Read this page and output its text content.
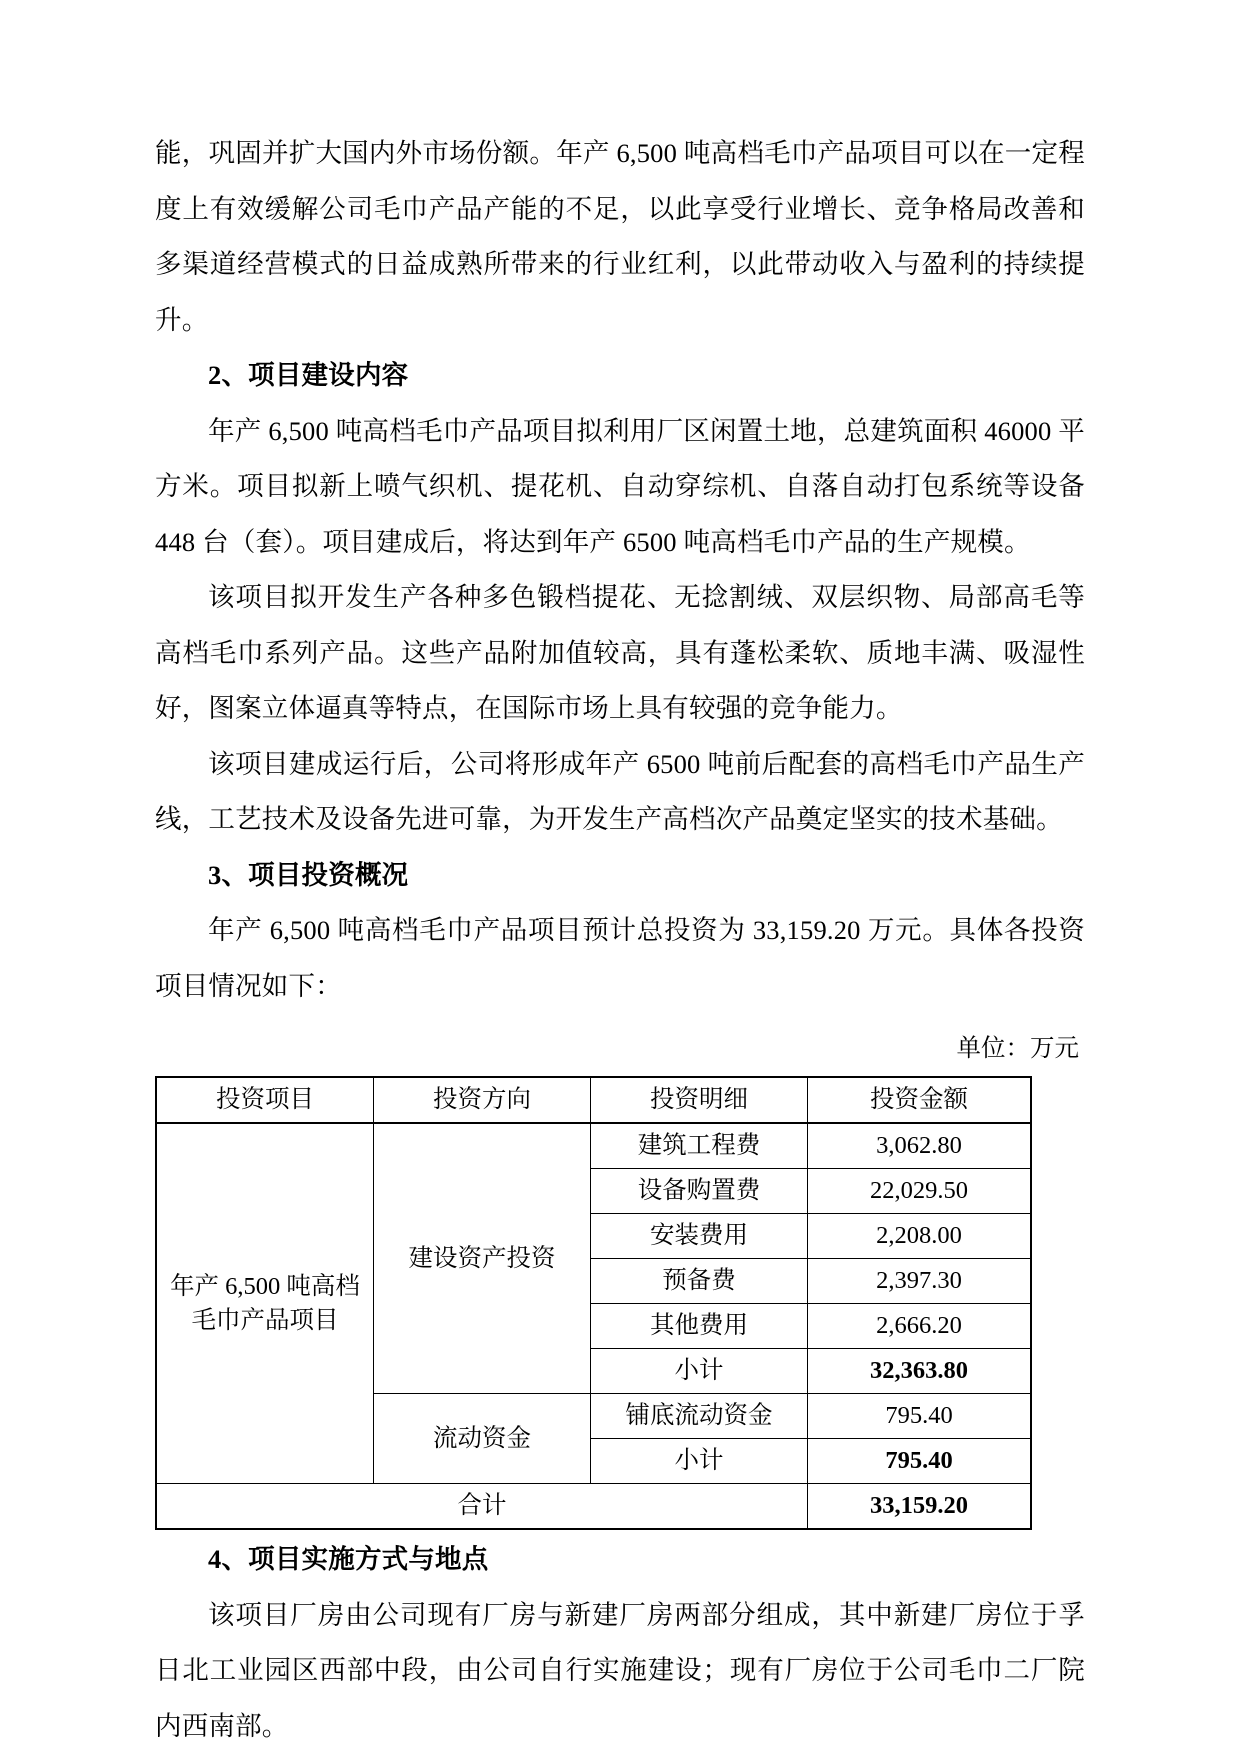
能，巩固并扩大国内外市场份额。年产 6,500 吨高档毛巾产品项目可以在一定程度上有效缓解公司毛巾产品产能的不足，以此享受行业增长、竞争格局改善和多渠道经营模式的日益成熟所带来的行业红利，以此带动收入与盈利的持续提升。

2、项目建设内容

年产 6,500 吨高档毛巾产品项目拟利用厂区闲置土地，总建筑面积 46000 平方米。项目拟新上喷气织机、提花机、自动穿综机、自落自动打包系统等设备 448 台（套）。项目建成后，将达到年产 6500 吨高档毛巾产品的生产规模。

该项目拟开发生产各种多色锻档提花、无捻割绒、双层织物、局部高毛等高档毛巾系列产品。这些产品附加值较高，具有蓬松柔软、质地丰满、吸湿性好，图案立体逼真等特点，在国际市场上具有较强的竞争能力。

该项目建成运行后，公司将形成年产 6500 吨前后配套的高档毛巾产品生产线，工艺技术及设备先进可靠，为开发生产高档次产品奠定坚实的技术基础。

3、项目投资概况

年产 6,500 吨高档毛巾产品项目预计总投资为 33,159.20 万元。具体各投资项目情况如下：

单位：万元
投资项目	投资方向	投资明细	投资金额
年产 6,500 吨高档毛巾产品项目	建设资产投资	建筑工程费	3,062.80
		设备购置费	22,029.50
		安装费用	2,208.00
		预备费	2,397.30
		其他费用	2,666.20
		小计	32,363.80
	流动资金	铺底流动资金	795.40
		小计	795.40
合计			33,159.20

4、项目实施方式与地点

该项目厂房由公司现有厂房与新建厂房两部分组成，其中新建厂房位于孚日北工业园区西部中段，由公司自行实施建设；现有厂房位于公司毛巾二厂院内西南部。
